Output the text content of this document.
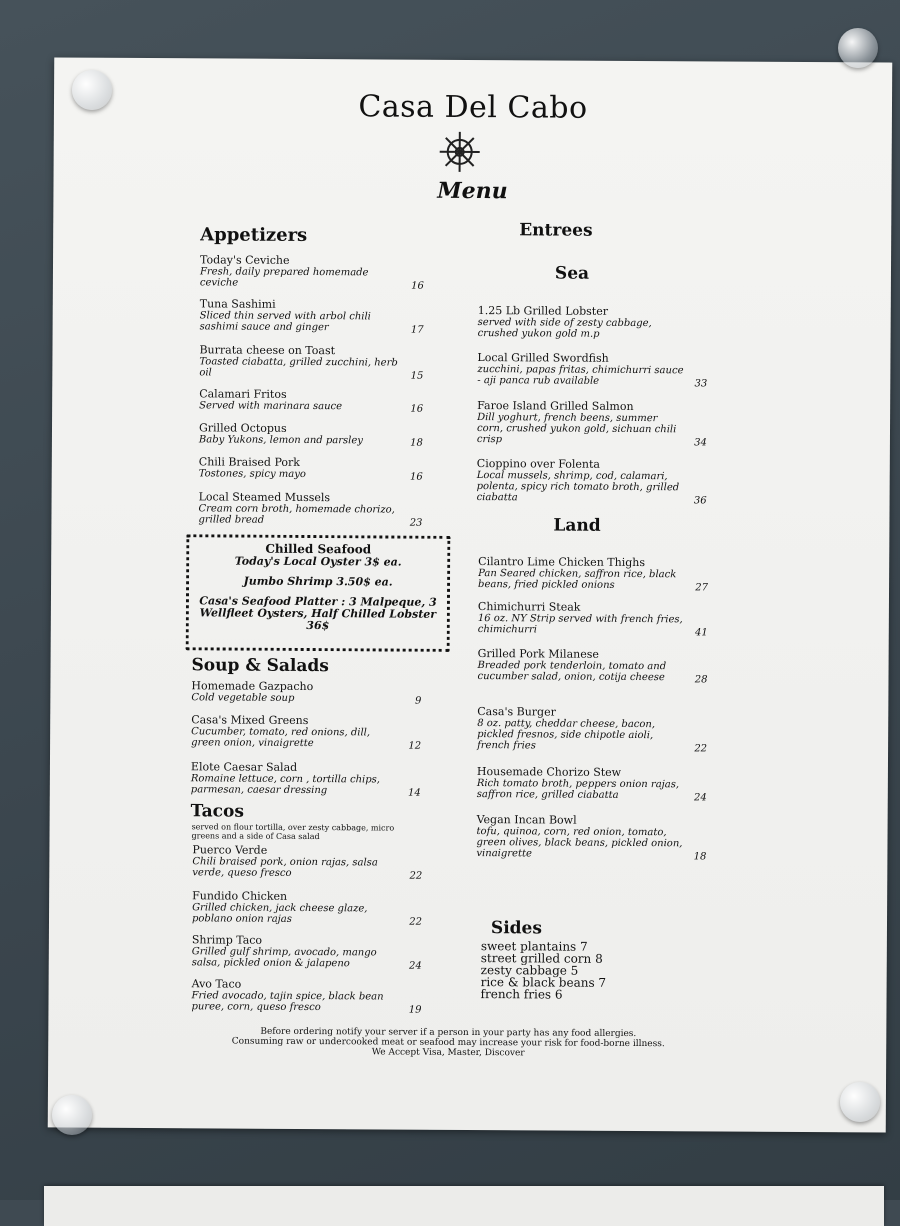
Casa Del Cabo
Menu
Appetizers	Entrees
Sea
Land
Soup & Salads
Tacos
served on flour tortilla, over zesty cabbage, micro greens and a side of Casa salad
Today's Ceviche
Fresh, daily prepared homemade ceviche	16
Tuna Sashimi
Sliced thin served with arbol chili sashimi sauce and ginger	17
Burrata cheese on Toast
Toasted ciabatta, grilled zucchini, herb oil	15
Calamari Fritos
Served with marinara sauce	16
Grilled Octopus
Baby Yukons, lemon and parsley	18
Chili Braised Pork
Tostones, spicy mayo	16
Local Steamed Mussels
Cream corn broth, homemade chorizo, grilled bread	23
1.25 Lb Grilled Lobster
served with side of zesty cabbage, crushed yukon gold m.p
Local Grilled Swordfish
zucchini, papas fritas, chimichurri sauce - aji panca rub available	33
Faroe Island Grilled Salmon
Dill yoghurt, french beens, summer corn, crushed yukon gold, sichuan chili crisp	34
Cioppino over Folenta
Local mussels, shrimp, cod, calamari, polenta, spicy rich tomato broth, grilled ciabatta	36
Cilantro Lime Chicken Thighs
Pan Seared chicken, saffron rice, black beans, fried pickled onions	27
Chimichurri Steak
16 oz. NY Strip served with french fries, chimichurri	41
Grilled Pork Milanese
Breaded pork tenderloin, tomato and cucumber salad, onion, cotija cheese	28
Casa's Burger
8 oz. patty, cheddar cheese, bacon, pickled fresnos, side chipotle aioli, french fries	22
Housemade Chorizo Stew
Rich tomato broth, peppers onion rajas, saffron rice, grilled ciabatta	24
Vegan Incan Bowl
tofu, quinoa, corn, red onion, tomato, green olives, black beans, pickled onion, vinaigrette	18
Homemade Gazpacho
Cold vegetable soup	9
Casa's Mixed Greens
Cucumber, tomato, red onions, dill, green onion, vinaigrette	12
Elote Caesar Salad
Romaine lettuce, corn , tortilla chips, parmesan, caesar dressing	14
Puerco Verde
Chili braised pork, onion rajas, salsa verde, queso fresco	22
Fundido Chicken
Grilled chicken, jack cheese glaze, poblano onion rajas	22
Shrimp Taco
Grilled gulf shrimp, avocado, mango salsa, pickled onion & jalapeno	24
Avo Taco
Fried avocado, tajin spice, black bean puree, corn, queso fresco	19
Chilled Seafood
Today's Local Oyster 3$ ea.
Jumbo Shrimp 3.50$ ea.
Casa's Seafood Platter : 3 Malpeque, 3 Wellfleet Oysters, Half Chilled Lobster 36$
Sides
sweet plantains 7
street grilled corn 8
zesty cabbage 5
rice & black beans 7
french fries 6
Before ordering notify your server if a person in your party has any food allergies.
Consuming raw or undercooked meat or seafood may increase your risk for food-borne illness.
We Accept Visa, Master, Discover
